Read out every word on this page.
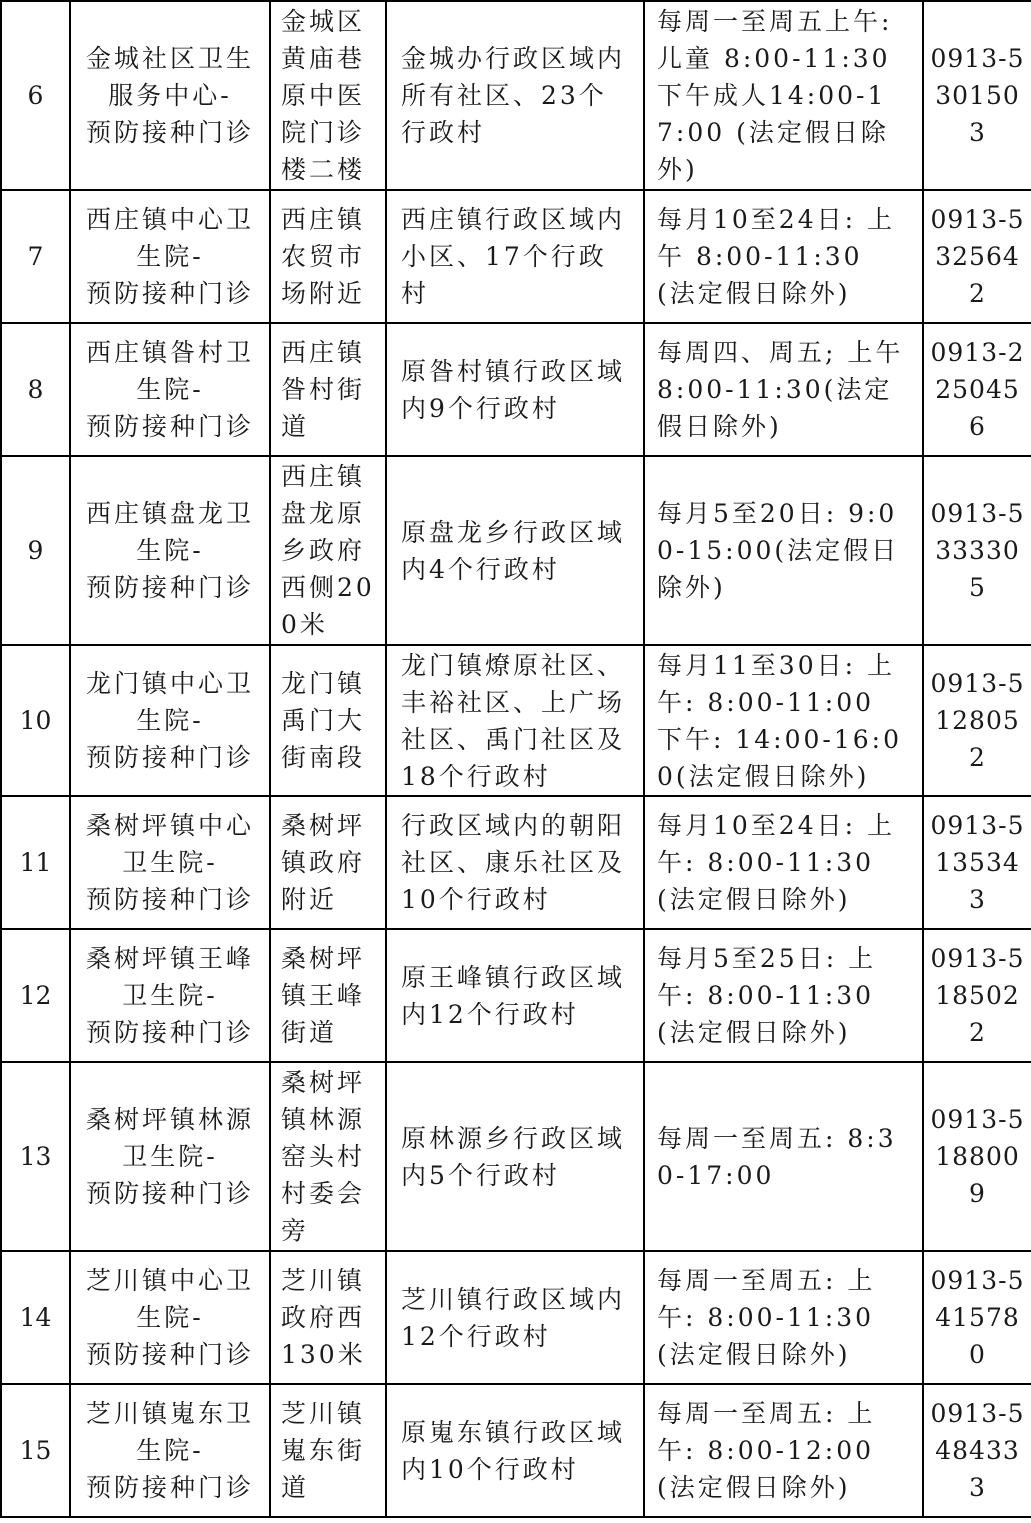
6	金城社区卫生
服务中心-
预防接种门诊	金城区黄庙巷原中医院门诊楼二楼	金城办行政区域内所有社区、23个行政村	每周一至周五上午: 儿童 8:00-11:30 下午成人14:00-17:00 (法定假日除外)	0913-5301503
7	西庄镇中心卫
生院-
预防接种门诊	西庄镇农贸市场附近	西庄镇行政区域内小区、17个行政村	每月10至24日: 上午 8:00-11:30 (法定假日除外)	0913-5325642
8	西庄镇昝村卫
生院-
预防接种门诊	西庄镇昝村街道	原昝村镇行政区域内9个行政村	每周四、周五; 上午8:00-11:30(法定假日除外)	0913-2250456
9	西庄镇盘龙卫
生院-
预防接种门诊	西庄镇盘龙原乡政府西侧200米	原盘龙乡行政区域内4个行政村	每月5至20日: 9:00-15:00(法定假日除外)	0913-5333305
10	龙门镇中心卫
生院-
预防接种门诊	龙门镇禹门大街南段	龙门镇燎原社区、丰裕社区、上广场社区、禹门社区及18个行政村	每月11至30日: 上午: 8:00-11:00 下午: 14:00-16:00(法定假日除外)	0913-5128052
11	桑树坪镇中心
卫生院-
预防接种门诊	桑树坪镇政府附近	行政区域内的朝阳社区、康乐社区及10个行政村	每月10至24日: 上午: 8:00-11:30 (法定假日除外)	0913-5135343
12	桑树坪镇王峰
卫生院-
预防接种门诊	桑树坪镇王峰街道	原王峰镇行政区域内12个行政村	每月5至25日: 上午: 8:00-11:30(法定假日除外)	0913-5185022
13	桑树坪镇林源
卫生院-
预防接种门诊	桑树坪镇林源窑头村村委会旁	原林源乡行政区域内5个行政村	每周一至周五: 8:30-17:00	0913-5188009
14	芝川镇中心卫
生院-
预防接种门诊	芝川镇政府西130米	芝川镇行政区域内12个行政村	每周一至周五: 上午: 8:00-11:30 (法定假日除外)	0913-5415780
15	芝川镇嵬东卫
生院-
预防接种门诊	芝川镇嵬东街道	原嵬东镇行政区域内10个行政村	每周一至周五: 上午: 8:00-12:00 (法定假日除外)	0913-5484333
